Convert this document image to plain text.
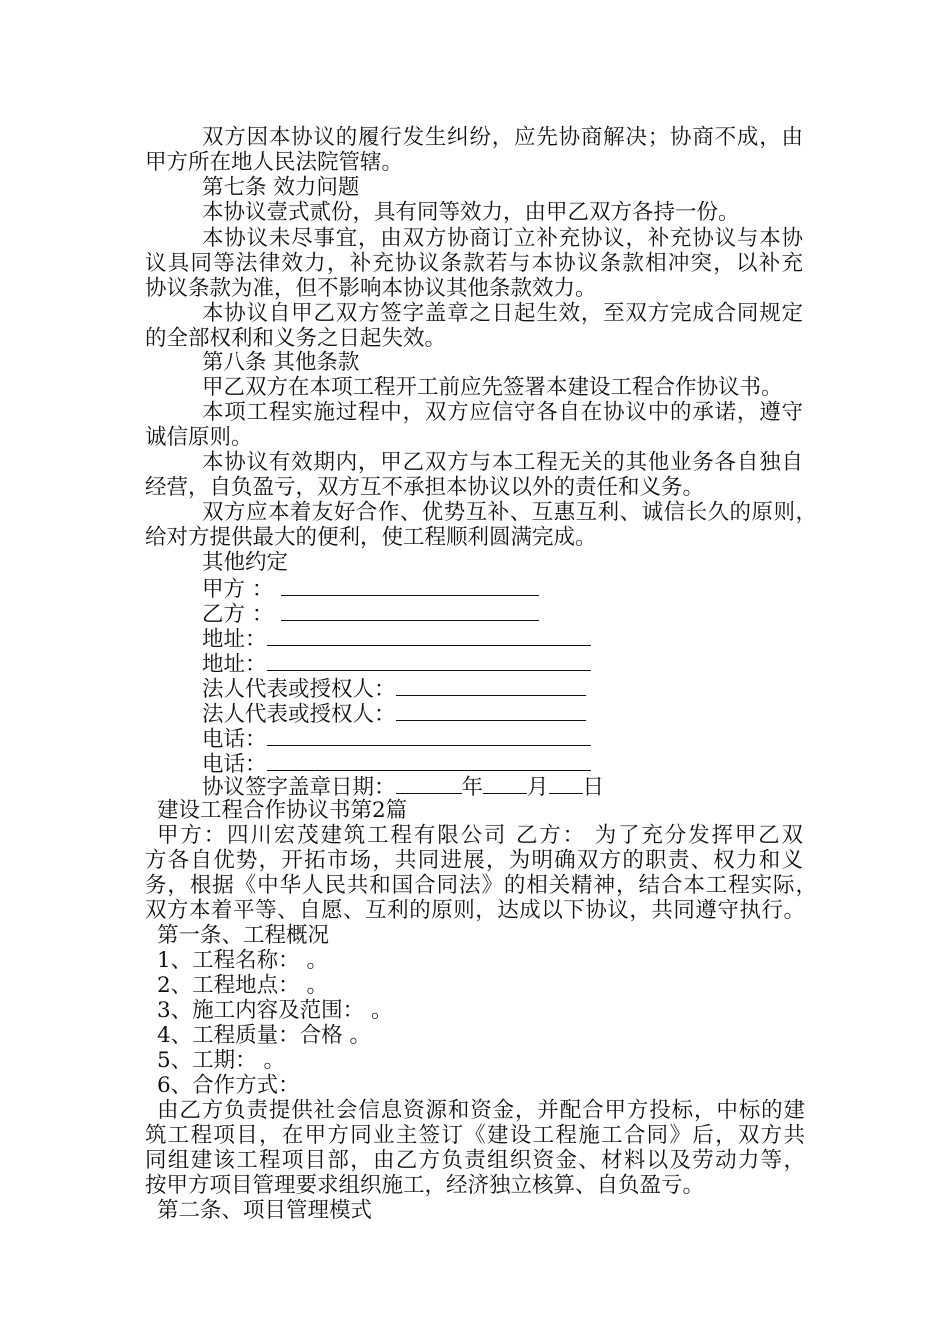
双方因本协议的履行发生纠纷，应先协商解决；协商不成，由
甲方所在地人民法院管辖。
第七条 效力问题
本协议壹式贰份，具有同等效力，由甲乙双方各持一份。
本协议未尽事宜，由双方协商订立补充协议，补充协议与本协
议具同等法律效力，补充协议条款若与本协议条款相冲突，以补充
协议条款为准，但不影响本协议其他条款效力。
本协议自甲乙双方签字盖章之日起生效，至双方完成合同规定
的全部权利和义务之日起失效。
第八条 其他条款
甲乙双方在本项工程开工前应先签署本建设工程合作协议书。
本项工程实施过程中，双方应信守各自在协议中的承诺，遵守
诚信原则。
本协议有效期内，甲乙双方与本工程无关的其他业务各自独自
经营，自负盈亏，双方互不承担本协议以外的责任和义务。
双方应本着友好合作、优势互补、互惠互利、诚信长久的原则，
给对方提供最大的便利，使工程顺利圆满完成。
其他约定
甲方 ：
乙方 ：
地址：
地址：
法人代表或授权人：
法人代表或授权人：
电话：
电话：
协议签字盖章日期：	年 月 日
建设工程合作协议书第2篇
甲方：四川宏茂建筑工程有限公司 乙方： 为了充分发挥甲乙双
方各自优势，开拓市场，共同进展，为明确双方的职责、权力和义
务，根据《中华人民共和国合同法》的相关精神，结合本工程实际，
双方本着平等、自愿、互利的原则，达成以下协议，共同遵守执行。
第一条、工程概况
1、工程名称： 。
2、工程地点： 。
3、施工内容及范围： 。
4、工程质量：合格 。
5、工期： 。
6、合作方式：
由乙方负责提供社会信息资源和资金，并配合甲方投标，中标的建
筑工程项目，在甲方同业主签订《建设工程施工合同》后，双方共
同组建该工程项目部，由乙方负责组织资金、材料以及劳动力等，
按甲方项目管理要求组织施工，经济独立核算、自负盈亏。
第二条、项目管理模式
